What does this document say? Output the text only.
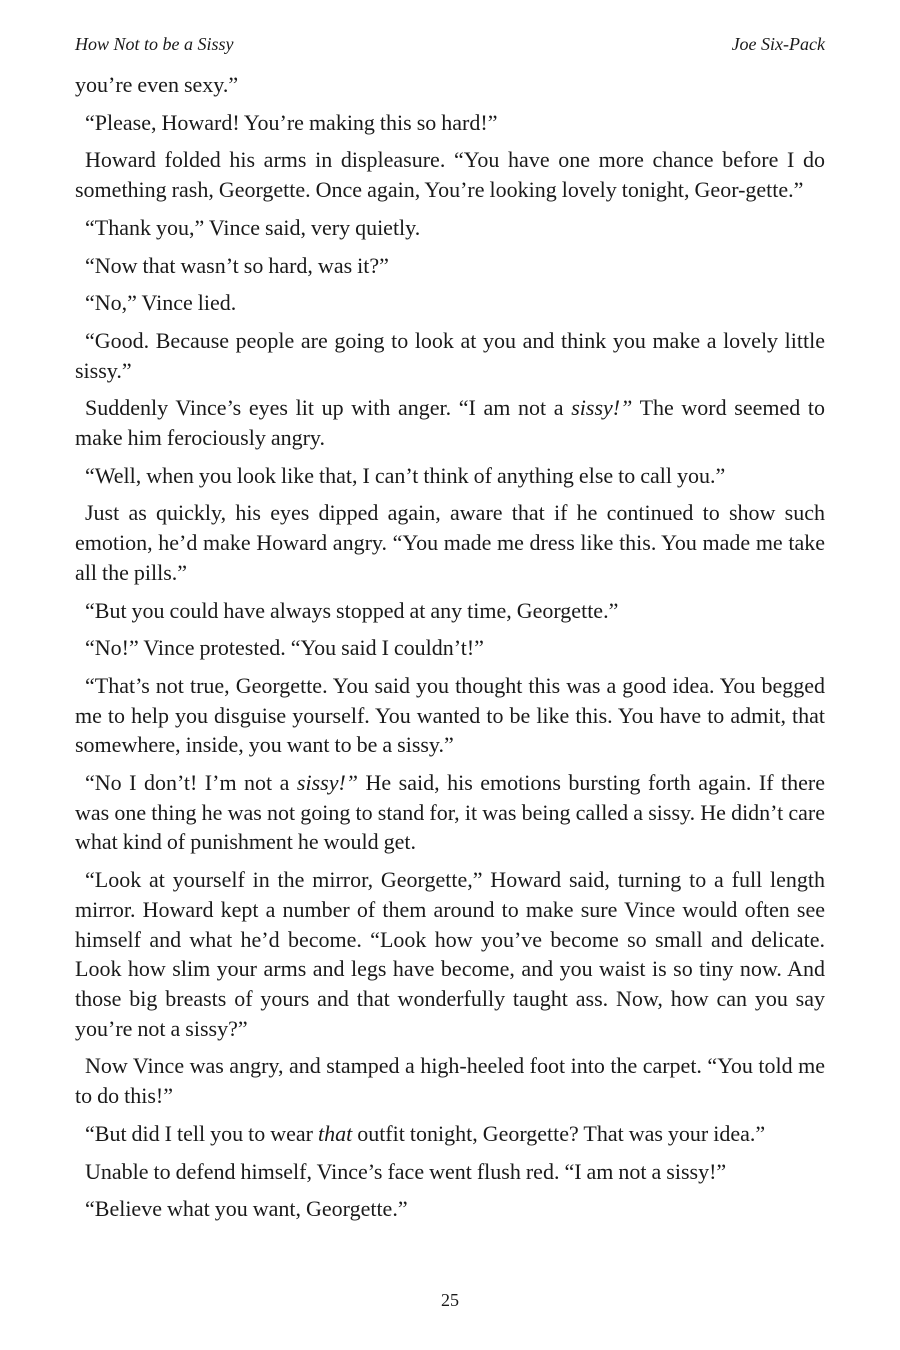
How Not to be a Sissy	Joe Six-Pack

you’re even sexy.”

“Please, Howard! You’re making this so hard!”

Howard folded his arms in displeasure. “You have one more chance before I do something rash, Georgette. Once again, You’re looking lovely tonight, Geor-gette.”

“Thank you,” Vince said, very quietly.

“Now that wasn’t so hard, was it?”

“No,” Vince lied.

“Good. Because people are going to look at you and think you make a lovely little sissy.”

Suddenly Vince’s eyes lit up with anger. “I am not a sissy!” The word seemed to make him ferociously angry.

“Well, when you look like that, I can’t think of anything else to call you.”

Just as quickly, his eyes dipped again, aware that if he continued to show such emotion, he’d make Howard angry. “You made me dress like this. You made me take all the pills.”

“But you could have always stopped at any time, Georgette.”

“No!” Vince protested. “You said I couldn’t!”

“That’s not true, Georgette. You said you thought this was a good idea. You begged me to help you disguise yourself. You wanted to be like this. You have to admit, that somewhere, inside, you want to be a sissy.”

“No I don’t! I’m not a sissy!” He said, his emotions bursting forth again. If there was one thing he was not going to stand for, it was being called a sissy. He didn’t care what kind of punishment he would get.

“Look at yourself in the mirror, Georgette,” Howard said, turning to a full length mirror. Howard kept a number of them around to make sure Vince would often see himself and what he’d become. “Look how you’ve become so small and delicate. Look how slim your arms and legs have become, and you waist is so tiny now. And those big breasts of yours and that wonderfully taught ass. Now, how can you say you’re not a sissy?”

Now Vince was angry, and stamped a high-heeled foot into the carpet. “You told me to do this!”

“But did I tell you to wear that outfit tonight, Georgette? That was your idea.”

Unable to defend himself, Vince’s face went flush red. “I am not a sissy!”

“Believe what you want, Georgette.”

25
